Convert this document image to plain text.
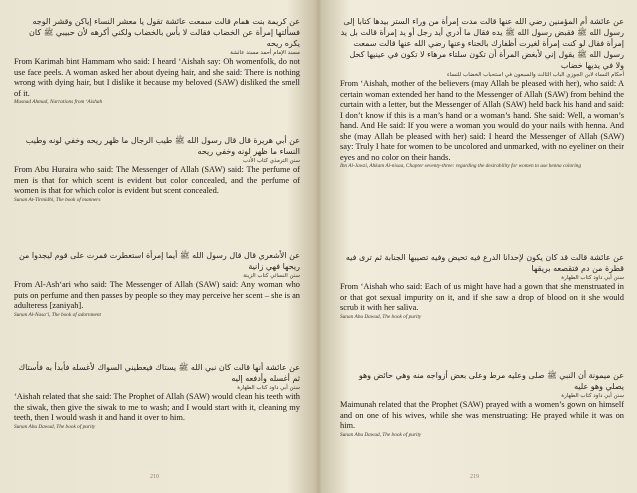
عن كريمة بنت همام قالت سمعت عائشة تقول يا معشر النساء إياكن وقشر الوجه فسألتها إمرأة عن الخضاب فقالت لا بأس بالخضاب ولكني أكرهه لأن حبيبي ﷺ كان يكره ريحه
مسند الإمام أحمد مسند عائشة
From Karimah bint Hammam who said: I heard ‘Aishah say: Oh womenfolk, do not use face peels. A woman asked her about dyeing hair, and she said: There is nothing wrong with dying hair, but I dislike it because my beloved (SAW) disliked the smell of it.
Musnad Ahmad, Narrations from ‘Aishah
عن أبي هريرة قال قال رسول الله ﷺ طيب الرجال ما ظهر ريحه وخفي لونه وطيب النساء ما ظهر لونه وخفي ريحه
سنن الترمذي كتاب الأدب
From Abu Huraira who said: The Messenger of Allah (SAW) said: The perfume of men is that for which scent is evident but color concealed, and the perfume of women is that for which color is evident but scent concealed.
Sunan At-Tirmidhi, The book of manners
عن الأشعري قال قال رسول الله ﷺ أيما إمرأة استعطرت فمرت على قوم ليجدوا من ريحها فهي زانية
سنن النسائي كتاب الزينة
From Al-Ash‘ari who said: The Messenger of Allah (SAW) said: Any woman who puts on perfume and then passes by people so they may perceive her scent – she is an adulteress [zaniyah].
Sunan Al-Nasa‘i, The book of adornment
عن عائشة أنها قالت كان نبي الله ﷺ يستاك فيعطيني السواك لأغسله فأبدأ به فأستاك ثم أغسله وأدفعه إليه
سنن أبي داود كتاب الطهارة
‘Aishah related that she said: The Prophet of Allah (SAW) would clean his teeth with the siwak, then give the siwak to me to wash; and I would start with it, cleaning my teeth, then I would wash it and hand it over to him.
Sunan Abu Dawud, The book of purity
210
عن عائشة أم المؤمنين رضي الله عنها قالت مدت إمرأة من وراء الستر بيدها كتابا إلى رسول الله ﷺ فقبض رسول الله ﷺ يده فقال ما أدري أيد رجل أو يد إمرأة قالت بل يد إمرأة فقال لو كنت إمرأة لغيرت أظفارك بالحناء وعنها رضي الله عنها قالت سمعت رسول الله ﷺ يقول إني لأبغض المرأة أن تكون سلتاء مرهاء لا تكون في عينيها كحل ولا في يديها خضاب
أحكام النساء لابن الجوزي الباب الثالث والسبعون في استحباب الخضاب للنساء
From ‘Aishah, mother of the believers (may Allah be pleased with her), who said: A certain woman extended her hand to the Messenger of Allah (SAW) from behind the curtain with a letter, but the Messenger of Allah (SAW) held back his hand and said: I don’t know if this is a man’s hand or a woman’s hand. She said: Well, a woman’s hand. And He said: If you were a woman you would do your nails with henna. And she (may Allah be pleased with her) said: I heard the Messenger of Allah (SAW) say: Truly I hate for women to be uncolored and unmarked, with no eyeliner on their eyes and no color on their hands.
Ibn Al-Jawzi, Ahkam Al-nisaa, Chapter seventy-three: regarding the desirability for women to use henna coloring
عن عائشة قالت قد كان يكون لإحدانا الدرع فيه تحيض وفيه تصيبها الجنابة ثم ترى فيه قطرة من دم فتقصعه بريقها
سنن أبي داود كتاب الطهارة
From ‘Aishah who said: Each of us might have had a gown that she menstruated in or that got sexual impurity on it, and if she saw a drop of blood on it she would scrub it with her saliva.
Sunan Abu Dawud, The book of purity
عن ميمونة أن النبي ﷺ صلى وعليه مرط وعلى بعض أزواجه منه وهي حائض وهو يصلي وهو عليه
سنن أبي داود كتاب الطهارة
Maimunah related that the Prophet (SAW) prayed with a women’s gown on himself and on one of his wives, while she was menstruating: He prayed while it was on him.
Sunan Abu Dawud, The book of purity
219
